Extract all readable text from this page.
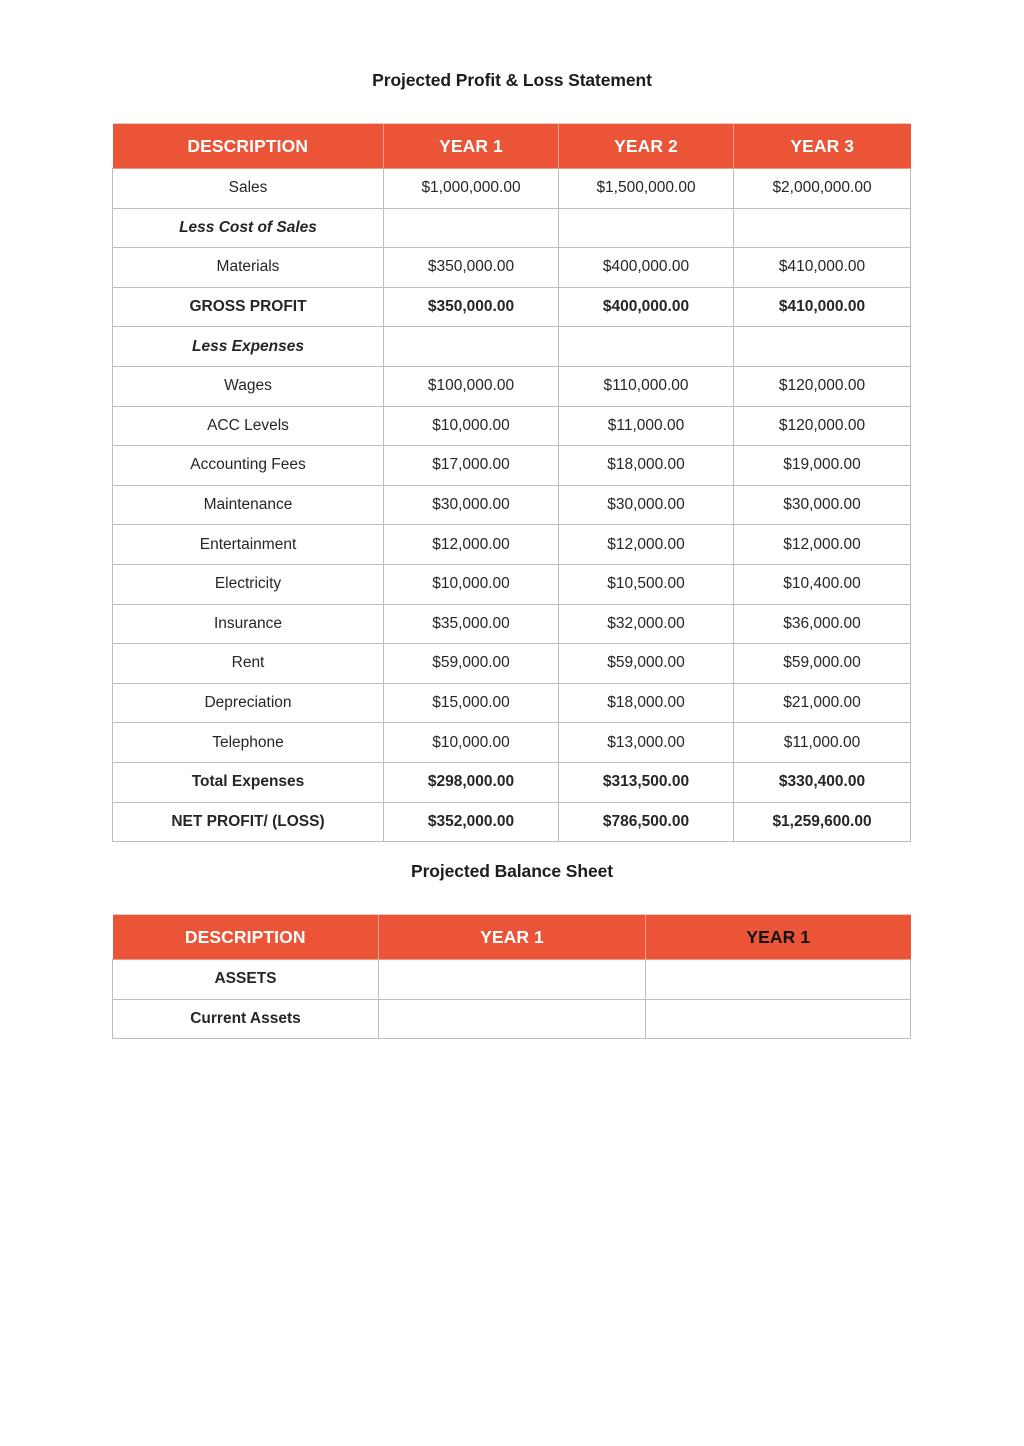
Projected Profit & Loss Statement
DESCRIPTION	YEAR 1	YEAR 2	YEAR 3
Sales	$1,000,000.00	$1,500,000.00	$2,000,000.00
Less Cost of Sales			
Materials	$350,000.00	$400,000.00	$410,000.00
GROSS PROFIT	$350,000.00	$400,000.00	$410,000.00
Less Expenses			
Wages	$100,000.00	$110,000.00	$120,000.00
ACC Levels	$10,000.00	$11,000.00	$120,000.00
Accounting Fees	$17,000.00	$18,000.00	$19,000.00
Maintenance	$30,000.00	$30,000.00	$30,000.00
Entertainment	$12,000.00	$12,000.00	$12,000.00
Electricity	$10,000.00	$10,500.00	$10,400.00
Insurance	$35,000.00	$32,000.00	$36,000.00
Rent	$59,000.00	$59,000.00	$59,000.00
Depreciation	$15,000.00	$18,000.00	$21,000.00
Telephone	$10,000.00	$13,000.00	$11,000.00
Total Expenses	$298,000.00	$313,500.00	$330,400.00
NET PROFIT/ (LOSS)	$352,000.00	$786,500.00	$1,259,600.00
Projected Balance Sheet
DESCRIPTION	YEAR 1	YEAR 1
ASSETS		
Current Assets		
